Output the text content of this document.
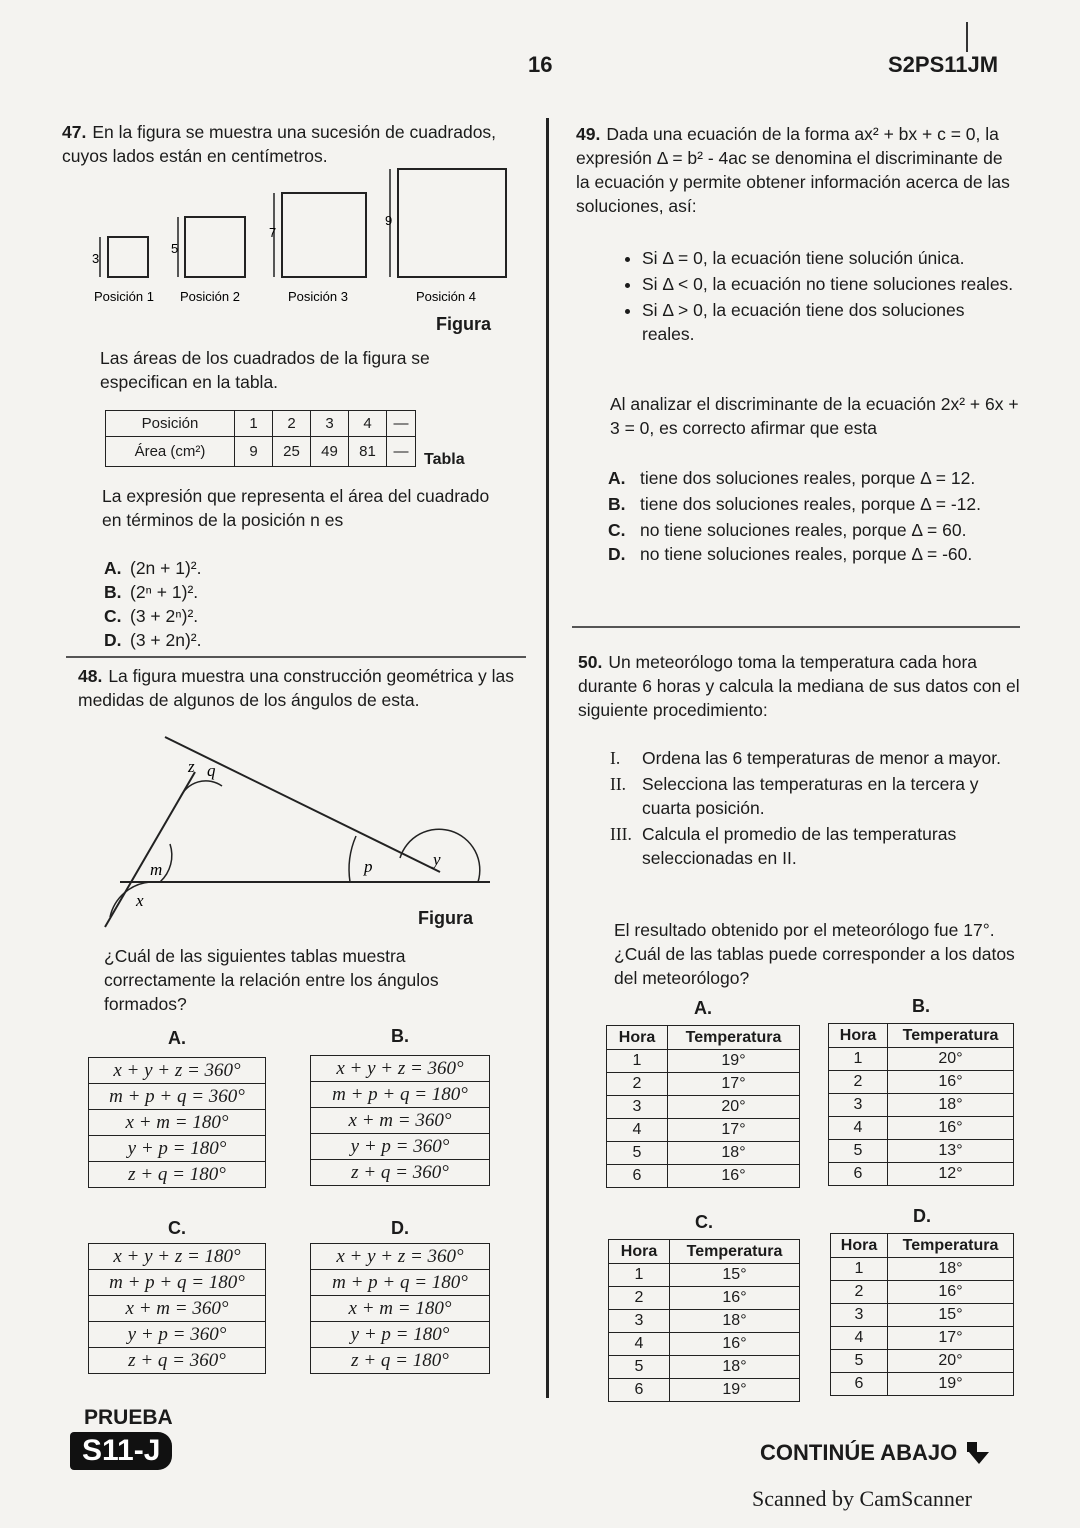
16	S2PS11JM
47. En la figura se muestra una sucesión de cuadrados, cuyos lados están en centímetros.
3
5
7
9
Posición 1 Posición 2	Posición 3	Posición 4
Figura
Las áreas de los cuadrados de la figura se especifican en la tabla.
Posición	1	2	3	4	—
Área (cm²)	9	25	49	81	— Tabla
La expresión que representa el área del cuadrado en términos de la posición n es
A. (2n + 1)².
B. (2ⁿ + 1)².
C. (3 + 2ⁿ)².
D. (3 + 2n)².
48. La figura muestra una construcción geométrica y las medidas de algunos de los ángulos de esta.
z q
m
x
p	y
Figura
¿Cuál de las siguientes tablas muestra correctamente la relación entre los ángulos formados?
A.
x + y + z = 360°
m + p + q = 360°
x + m = 180°
y + p = 180°
z + q = 180°
B.
x + y + z = 360°
m + p + q = 180°
x + m = 360°
y + p = 360°
z + q = 360°
C.
x + y + z = 180°
m + p + q = 180°
x + m = 360°
y + p = 360°
z + q = 360°
D.
x + y + z = 360°
m + p + q = 180°
x + m = 180°
y + p = 180°
z + q = 180°
49. Dada una ecuación de la forma ax² + bx + c = 0, la expresión Δ = b² - 4ac se denomina el discriminante de la ecuación y permite obtener información acerca de las soluciones, así:
• Si Δ = 0, la ecuación tiene solución única.
• Si Δ < 0, la ecuación no tiene soluciones reales.
• Si Δ > 0, la ecuación tiene dos soluciones reales.
Al analizar el discriminante de la ecuación 2x² + 6x + 3 = 0, es correcto afirmar que esta
A. tiene dos soluciones reales, porque Δ = 12.
B. tiene dos soluciones reales, porque Δ = -12.
C. no tiene soluciones reales, porque Δ = 60.
D. no tiene soluciones reales, porque Δ = -60.
50. Un meteorólogo toma la temperatura cada hora durante 6 horas y calcula la mediana de sus datos con el siguiente procedimiento:
I.	Ordena las 6 temperaturas de menor a mayor.
II. Selecciona las temperaturas en la tercera y cuarta posición.
III. Calcula el promedio de las temperaturas seleccionadas en II.
El resultado obtenido por el meteorólogo fue 17°.¿Cuál de las tablas puede corresponder a los datos del meteorólogo?
A.
Hora	Temperatura
1	19°
2	17°
3	20°
4	17°
5	18°
6	16°
B.
Hora	Temperatura
1	20°
2	16°
3	18°
4	16°
5	13°
6	12°
C.
Hora	Temperatura
1	15°
2	16°
3	18°
4	16°
5	18°
6	19°
D.
Hora	Temperatura
1	18°
2	16°
3	15°
4	17°
5	20°
6	19°
PRUEBA
S11-J	CONTINÚE ABAJO
Scanned by CamScanner
